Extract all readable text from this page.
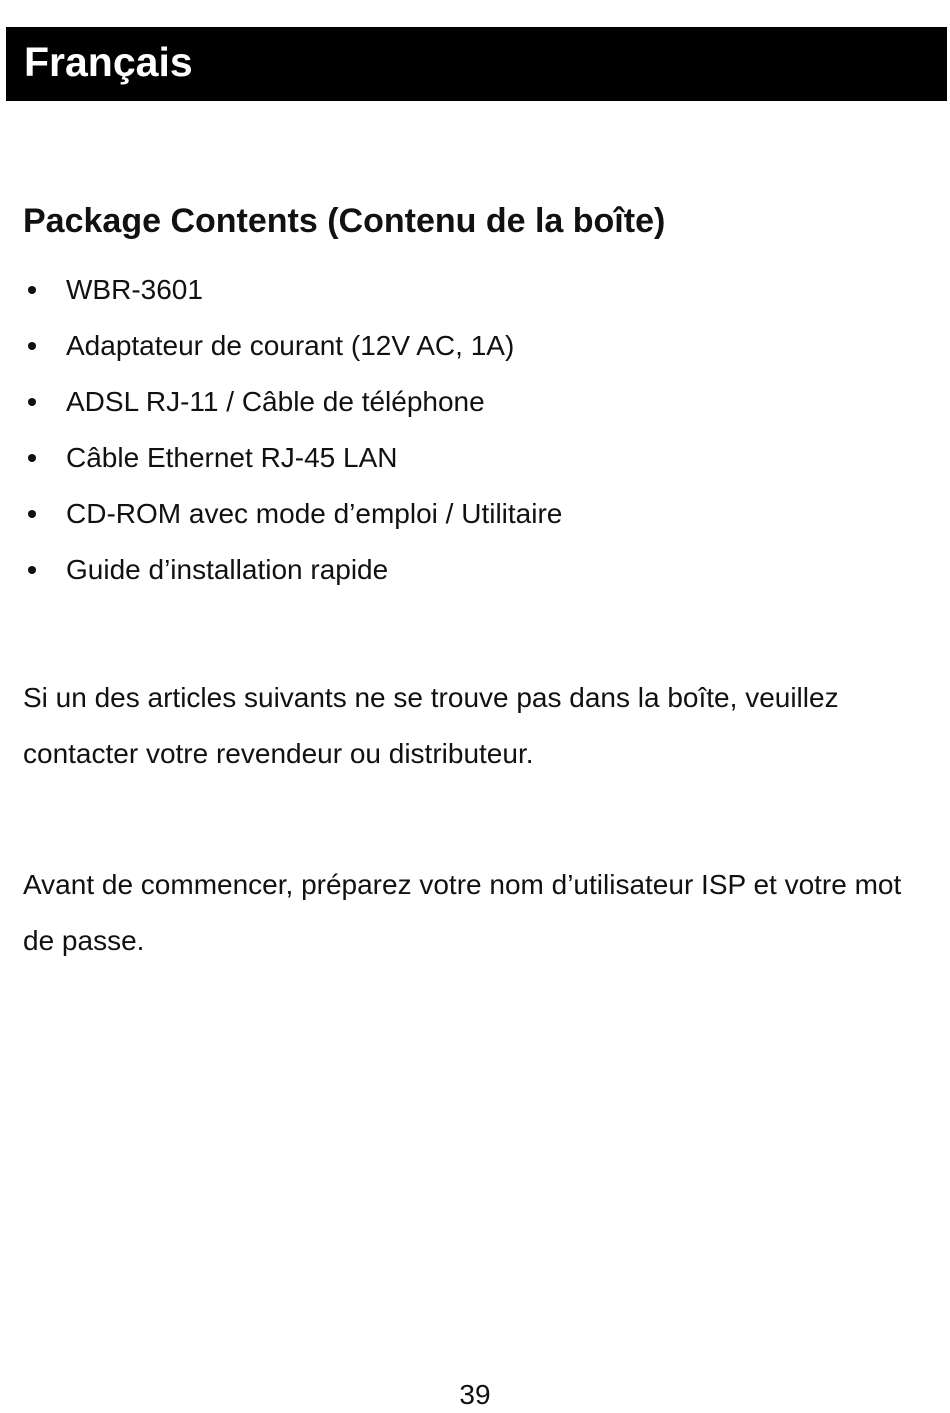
Français
Package Contents (Contenu de la boîte)
WBR-3601
Adaptateur de courant (12V AC, 1A)
ADSL RJ-11 / Câble de téléphone
Câble Ethernet RJ-45 LAN
CD-ROM avec mode d’emploi / Utilitaire
Guide d’installation rapide

Si un des articles suivants ne se trouve pas dans la boîte, veuillez contacter votre revendeur ou distributeur.

Avant de commencer, préparez votre nom d’utilisateur ISP et votre mot de passe.

39
